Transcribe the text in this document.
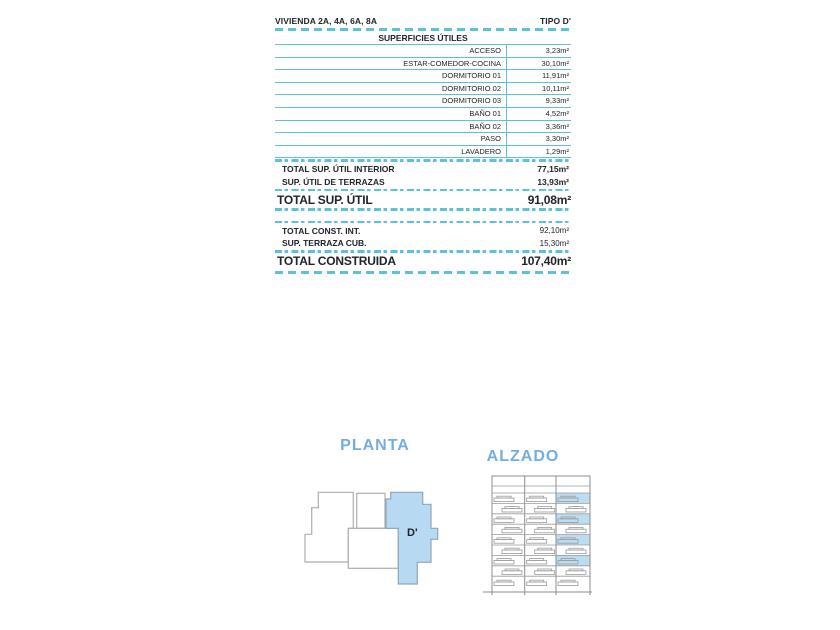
VIVIENDA 2A, 4A, 6A, 8A	TIPO D'
SUPERFICIES ÚTILES
ACCESO	3,23m²
ESTAR-COMEDOR-COCINA	30,10m²
DORMITORIO 01	11,91m²
DORMITORIO 02	10,11m²
DORMITORIO 03	9,33m²
BAÑO 01	4,52m²
BAÑO 02	3,36m²
PASO	3,30m²
LAVADERO	1,29m²
TOTAL SUP. ÚTIL INTERIOR	77,15m²
SUP. ÚTIL DE TERRAZAS	13,93m²
TOTAL SUP. ÚTIL	91,08m²
TOTAL CONST. INT.	92,10m²
SUP. TERRAZA CUB.	15,30m²
TOTAL CONSTRUIDA	107,40m²
PLANTA
D'
ALZADO
